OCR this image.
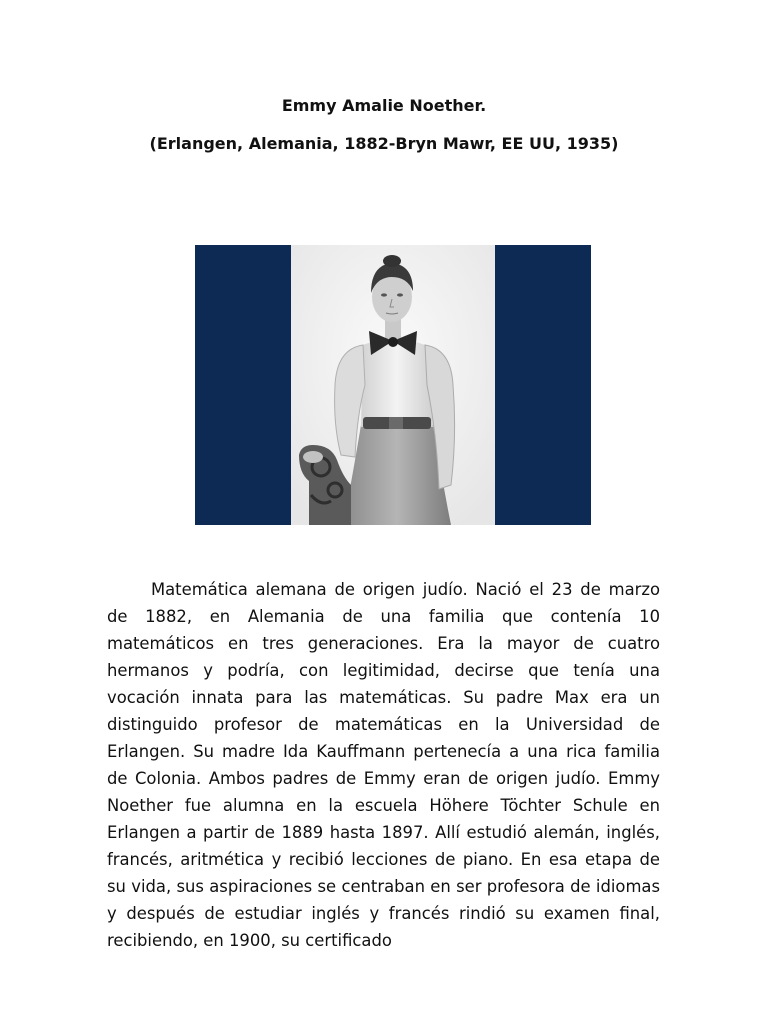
Emmy Amalie Noether.

(Erlangen, Alemania, 1882-Bryn Mawr, EE UU, 1935)

Matemática alemana de origen judío. Nació el 23 de marzo de 1882, en Alemania de una familia que contenía 10 matemáticos en tres generaciones. Era la mayor de cuatro hermanos y podría, con legitimidad, decirse que tenía una vocación innata para las matemáticas. Su padre Max era un distinguido profesor de matemáticas en la Universidad de Erlangen. Su madre Ida Kauffmann pertenecía a una rica familia de Colonia. Ambos padres de Emmy eran de origen judío. Emmy Noether fue alumna en la escuela Höhere Töchter Schule en Erlangen a partir de 1889 hasta 1897. Allí estudió alemán, inglés, francés, aritmética y recibió lecciones de piano. En esa etapa de su vida, sus aspiraciones se centraban en ser profesora de idiomas y después de estudiar inglés y francés rindió su examen final, recibiendo, en 1900, su certificado
